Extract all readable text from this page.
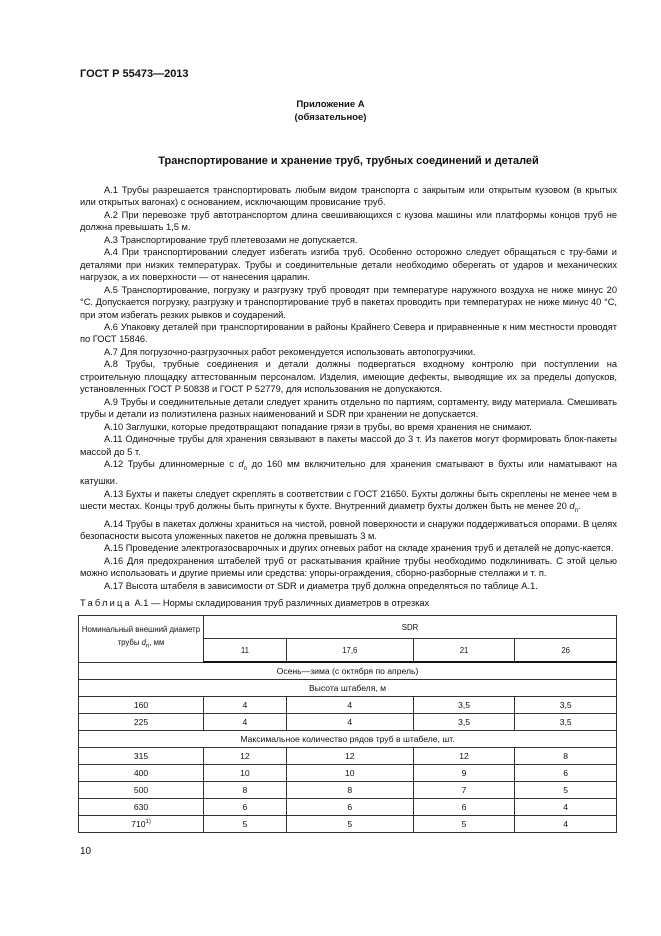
ГОСТ Р 55473—2013
Приложение А
(обязательное)
Транспортирование и хранение труб, трубных соединений и деталей

А.1 Трубы разрешается транспортировать любым видом транспорта с закрытым или открытым кузовом (в крытых или открытых вагонах) с основанием, исключающим провисание труб.

А.2 При перевозке труб автотранспортом длина свешивающихся с кузова машины или платформы концов труб не должна превышать 1,5 м.

А.3 Транспортирование труб плетевозами не допускается.

А.4 При транспортировании следует избегать изгиба труб. Особенно осторожно следует обращаться с тру-бами и деталями при низких температурах. Трубы и соединительные детали необходимо оберегать от ударов и механических нагрузок, а их поверхности — от нанесения царапин.

А.5 Транспортирование, погрузку и разгрузку труб проводят при температуре наружного воздуха не ниже минус 20 °С. Допускается погрузку, разгрузку и транспортирование труб в пакетах проводить при температурах не ниже минус 40 °С, при этом избегать резких рывков и соударений.

А.6 Упаковку деталей при транспортировании в районы Крайнего Севера и приравненные к ним местности проводят по ГОСТ 15846.

А.7 Для погрузочно-разгрузочных работ рекомендуется использовать автопогрузчики.

А.8 Трубы, трубные соединения и детали должны подвергаться входному контролю при поступлении на строительную площадку аттестованным персоналом. Изделия, имеющие дефекты, выводящие их за пределы допусков, установленных ГОСТ Р 50838 и ГОСТ Р 52779, для использования не допускаются.

А.9 Трубы и соединительные детали следует хранить отдельно по партиям, сортаменту, виду материала. Смешивать трубы и детали из полиэтилена разных наименований и SDR при хранении не допускается.

А.10 Заглушки, которые предотвращают попадание грязи в трубы, во время хранения не снимают.

А.11 Одиночные трубы для хранения связывают в пакеты массой до 3 т. Из пакетов могут формировать блок-пакеты массой до 5 т.

А.12 Трубы длинномерные с $d_n$ до 160 мм включительно для хранения сматывают в бухты или наматывают на катушки.

А.13 Бухты и пакеты следует скреплять в соответствии с ГОСТ 21650. Бухты должны быть скреплены не менее чем в шести местах. Концы труб должны быть пригнуты к бухте. Внутренний диаметр бухты должен быть не менее 20 $d_n$.

А.14 Трубы в пакетах должны храниться на чистой, ровной поверхности и снаружи поддерживаться опорами. В целях безопасности высота уложенных пакетов не должна превышать 3 м.

А.15 Проведение электрогазосварочных и других огневых работ на складе хранения труб и деталей не допус-кается.

А.16 Для предохранения штабелей труб от раскатывания крайние трубы необходимо подклинивать. С этой целью можно использовать и другие приемы или средства: упоры-ограждения, сборно-разборные стеллажи и т. п.

А.17 Высота штабеля в зависимости от SDR и диаметра труб должна определяться по таблице А.1.

Таблица А.1 — Нормы складирования труб различных диаметров в отрезках
Номинальный внешний диаметр трубы $d_n$, мм	SDR			
	11	17,6	21	26
Осень—зима (с октября по апрель)				
Высота штабеля, м				
160	4	4	3,5	3,5
225	4	4	3,5	3,5
Максимальное количество рядов труб в штабеле, шт.				
315	12	12	12	8
400	10	10	9	6
500	8	8	7	5
630	6	6	6	4
710$^{1)}$	5	5	5	4
10
